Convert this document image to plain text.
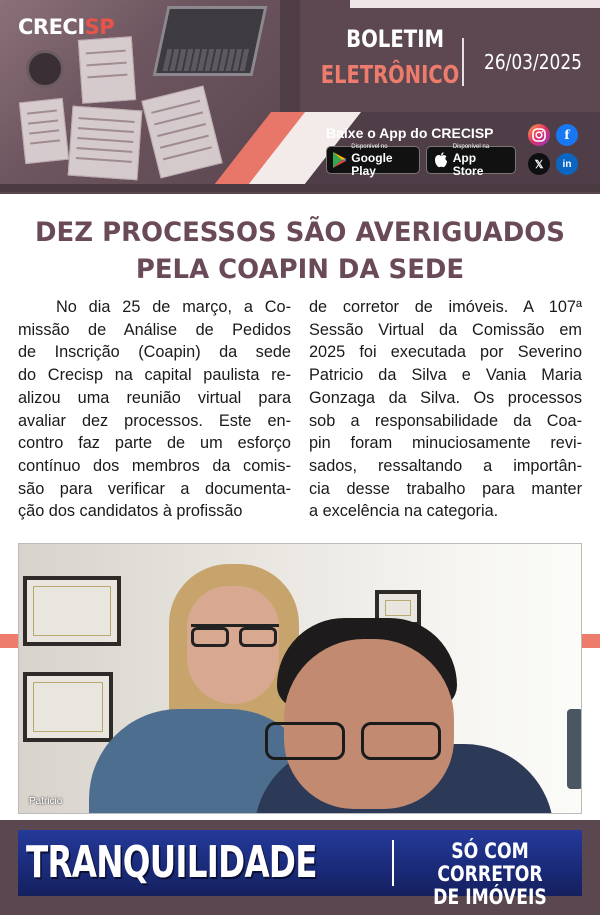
CRECISP	BOLETIM
ELETRÔNICO 26/03/2025
Baixe o App do CRECISP
Disponível no
Google Play
Disponível na
App Store
f
𝕏	in
DEZ PROCESSOS SÃO AVERIGUADOS
PELA COAPIN DA SEDE
No dia 25 de março, a Co-
missão de Análise de Pedidos
de Inscrição (Coapin) da sede
do Crecisp na capital paulista re-
alizou uma reunião virtual para
avaliar dez processos. Este en-
contro faz parte de um esforço
contínuo dos membros da comis-
são para verificar a documenta-
ção dos candidatos à profissão
de corretor de imóveis. A 107ª
Sessão Virtual da Comissão em
2025 foi executada por Severino
Patricio da Silva e Vania Maria
Gonzaga da Silva. Os processos
sob a responsabilidade da Coa-
pin foram minuciosamente revi-
sados, ressaltando a importân-
cia desse trabalho para manter
a excelência na categoria.
Patricio
TRANQUILIDADE	SÓ COM CORRETOR
DE IMÓVEIS
